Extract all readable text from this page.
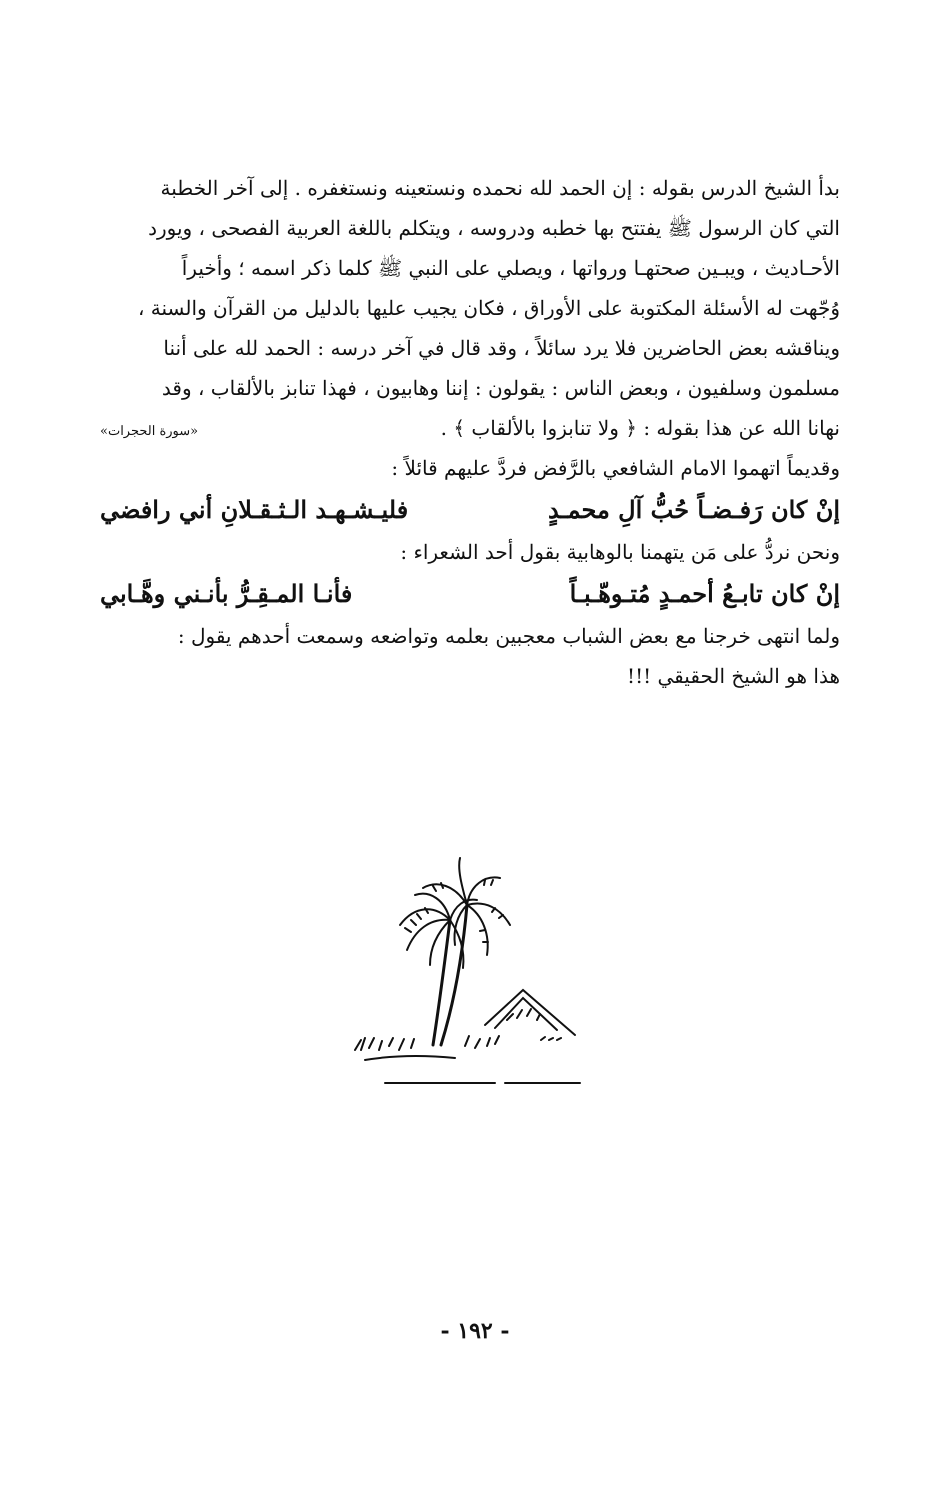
بدأ الشيخ الدرس بقوله : إن الحمد لله نحمده ونستعينه ونستغفره . إلى آخر الخطبة
التي كان الرسول ﷺ يفتتح بها خطبه ودروسه ، ويتكلم باللغة العربية الفصحى ، ويورد
الأحـاديث ، ويبـين صحتهـا ورواتها ، ويصلي على النبي ﷺ كلما ذكر اسمه ؛ وأخيراً
وُجّهت له الأسئلة المكتوبة على الأوراق ، فكان يجيب عليها بالدليل من القرآن والسنة ،
ويناقشه بعض الحاضرين فلا يرد سائلاً ، وقد قال في آخر درسه : الحمد لله على أننا
مسلمون وسلفيون ، وبعض الناس : يقولون : إننا وهابيون ، فهذا تنابز بالألقاب ، وقد
نهانا الله عن هذا بقوله : ﴿ ولا تنابزوا بالألقاب ﴾ .
«سورة الحجرات»
وقديماً اتهموا الامام الشافعي بالرَّفض فردَّ عليهم قائلاً :
إنْ كان رَفـضـاً حُبُّ آلِ محمـدٍ
فليـشـهـد الـثـقـلانِ أني رافضي
ونحن نردُّ على مَن يتهمنا بالوهابية بقول أحد الشعراء :
إنْ كان تابـعُ أحمـدٍ مُتـوهّـبـاً
فأنـا المـقِـرُّ بأنـني وهَّـابي
ولما انتهى خرجنا مع بعض الشباب معجبين بعلمه وتواضعه وسمعت أحدهم يقول :
هذا هو الشيخ الحقيقي !!!
- ١٩٢ -
